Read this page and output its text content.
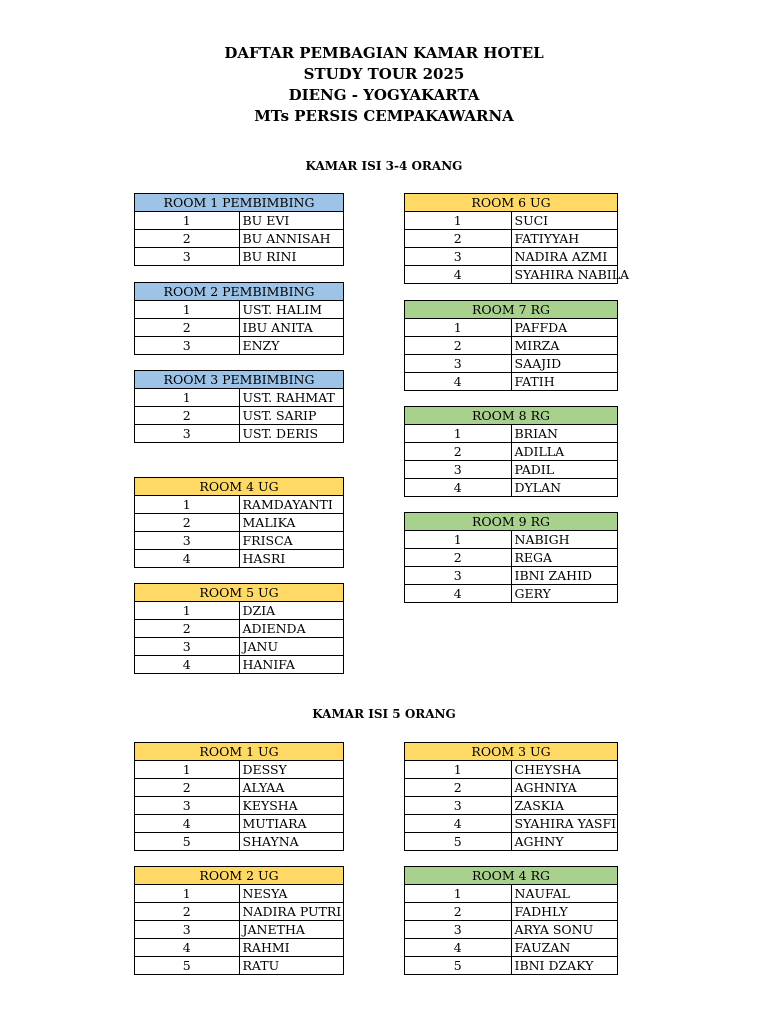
DAFTAR PEMBAGIAN KAMAR HOTEL
STUDY TOUR 2025
DIENG - YOGYAKARTA
MTs PERSIS CEMPAKAWARNA
KAMAR ISI 3-4 ORANG
KAMAR ISI 5 ORANG
ROOM 1 PEMBIMBING	
1	BU EVI
2	BU ANNISAH
3	BU RINI
ROOM 2 PEMBIMBING	
1	UST. HALIM
2	IBU ANITA
3	ENZY
ROOM 3 PEMBIMBING	
1	UST. RAHMAT
2	UST. SARIP
3	UST. DERIS
ROOM 4 UG	
1	RAMDAYANTI
2	MALIKA
3	FRISCA
4	HASRI
ROOM 5 UG	
1	DZIA
2	ADIENDA
3	JANU
4	HANIFA
ROOM 6 UG	
1	SUCI
2	FATIYYAH
3	NADIRA AZMI
4	SYAHIRA NABILA
ROOM 7 RG	
1	PAFFDA
2	MIRZA
3	SAAJID
4	FATIH
ROOM 8 RG	
1	BRIAN
2	ADILLA
3	PADIL
4	DYLAN
ROOM 9 RG	
1	NABIGH
2	REGA
3	IBNI ZAHID
4	GERY
ROOM 1 UG	
1	DESSY
2	ALYAA
3	KEYSHA
4	MUTIARA
5	SHAYNA
ROOM 2 UG	
1	NESYA
2	NADIRA PUTRI
3	JANETHA
4	RAHMI
5	RATU
ROOM 3 UG	
1	CHEYSHA
2	AGHNIYA
3	ZASKIA
4	SYAHIRA YASFI
5	AGHNY
ROOM 4 RG	
1	NAUFAL
2	FADHLY
3	ARYA SONU
4	FAUZAN
5	IBNI DZAKY
